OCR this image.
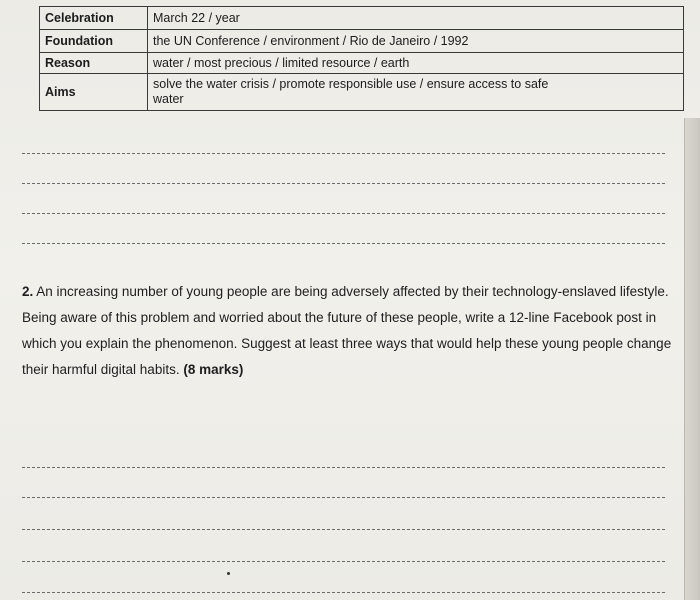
Celebration	March 22 / year
Foundation	the UN Conference / environment / Rio de Janeiro / 1992
Reason	water / most precious / limited resource / earth
Aims	solve the water crisis / promote responsible use / ensure access to safe
water

2. An increasing number of young people are being adversely affected by their technology-enslaved lifestyle.

Being aware of this problem and worried about the future of these people, write a 12-line Facebook post in which you explain the phenomenon. Suggest at least three ways that would help these young people change their harmful digital habits. (8 marks)
